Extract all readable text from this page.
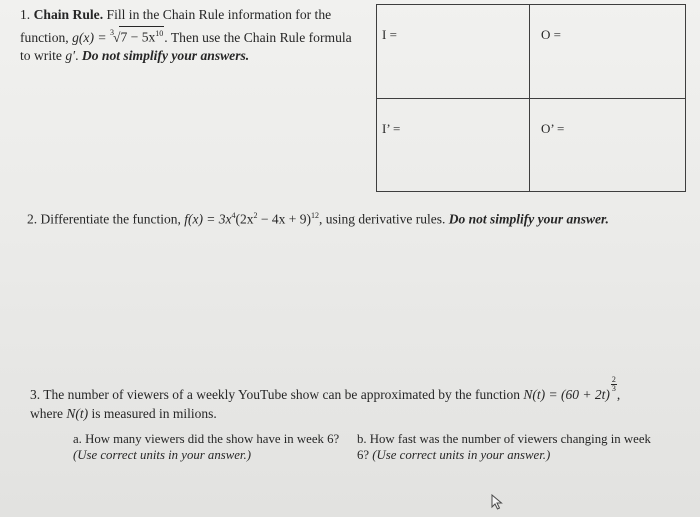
1. Chain Rule. Fill in the Chain Rule information for the function, $g(x) = ^3√7 - 5x^{10}$. Then use the Chain Rule formula to write g′. Do not simplify your answers.
I =	O =
I’ =	O’ =
2. Differentiate the function, $f(x) = 3x^4(2x^2 - 4x + 9)^{12}$, using derivative rules. Do not simplify your answer.
3. The number of viewers of a weekly YouTube show can be approximated by the function N(t) = (60 + 2t)
$\frac{2}{3}$
,
where N(t) is measured in milions.
a. How many viewers did the show have in week 6? (Use correct units in your answer.)
b. How fast was the number of viewers changing in week 6? (Use correct units in your answer.)
